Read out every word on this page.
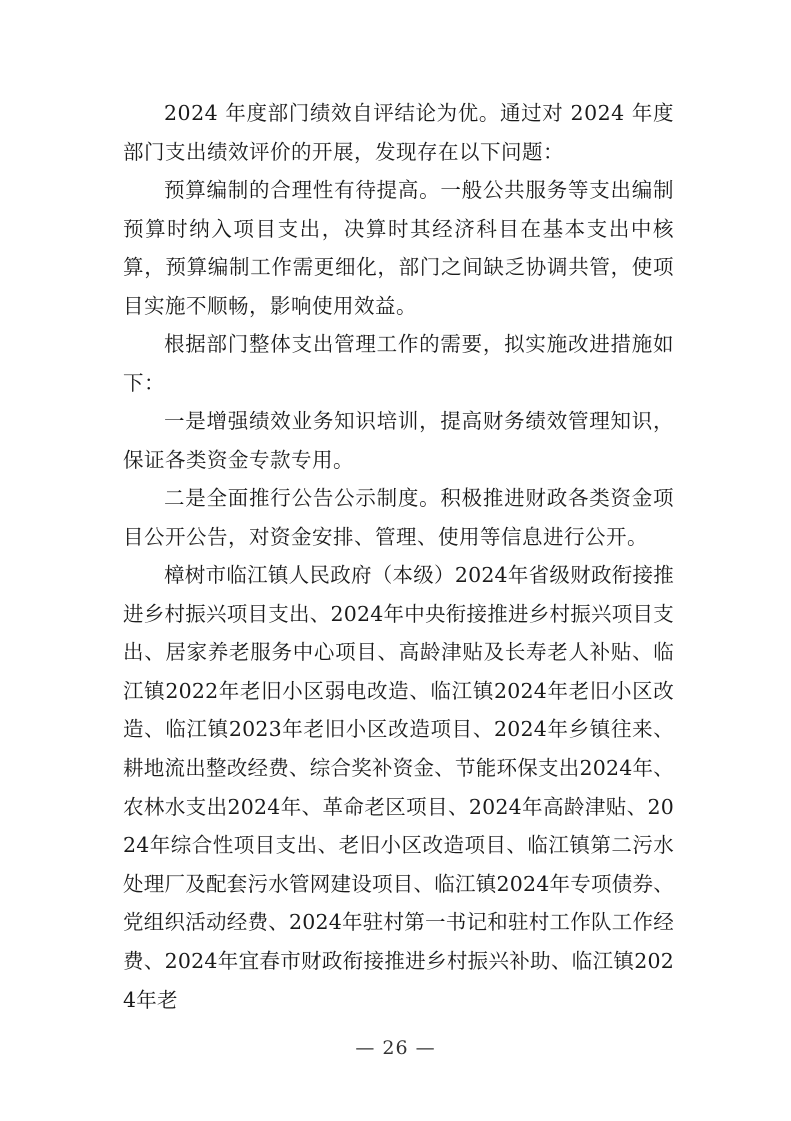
2024 年度部门绩效自评结论为优。通过对 2024 年度部门支出绩效评价的开展，发现存在以下问题：

预算编制的合理性有待提高。一般公共服务等支出编制预算时纳入项目支出，决算时其经济科目在基本支出中核算，预算编制工作需更细化，部门之间缺乏协调共管，使项目实施不顺畅，影响使用效益。

根据部门整体支出管理工作的需要，拟实施改进措施如下：

一是增强绩效业务知识培训，提高财务绩效管理知识，保证各类资金专款专用。

二是全面推行公告公示制度。积极推进财政各类资金项目公开公告，对资金安排、管理、使用等信息进行公开。

樟树市临江镇人民政府（本级）2024年省级财政衔接推进乡村振兴项目支出、2024年中央衔接推进乡村振兴项目支出、居家养老服务中心项目、高龄津贴及长寿老人补贴、临江镇2022年老旧小区弱电改造、临江镇2024年老旧小区改造、临江镇2023年老旧小区改造项目、2024年乡镇往来、耕地流出整改经费、综合奖补资金、节能环保支出2024年、农林水支出2024年、革命老区项目、2024年高龄津贴、2024年综合性项目支出、老旧小区改造项目、临江镇第二污水处理厂及配套污水管网建设项目、临江镇2024年专项债券、党组织活动经费、2024年驻村第一书记和驻村工作队工作经费、2024年宜春市财政衔接推进乡村振兴补助、临江镇2024年老

— 26 —
